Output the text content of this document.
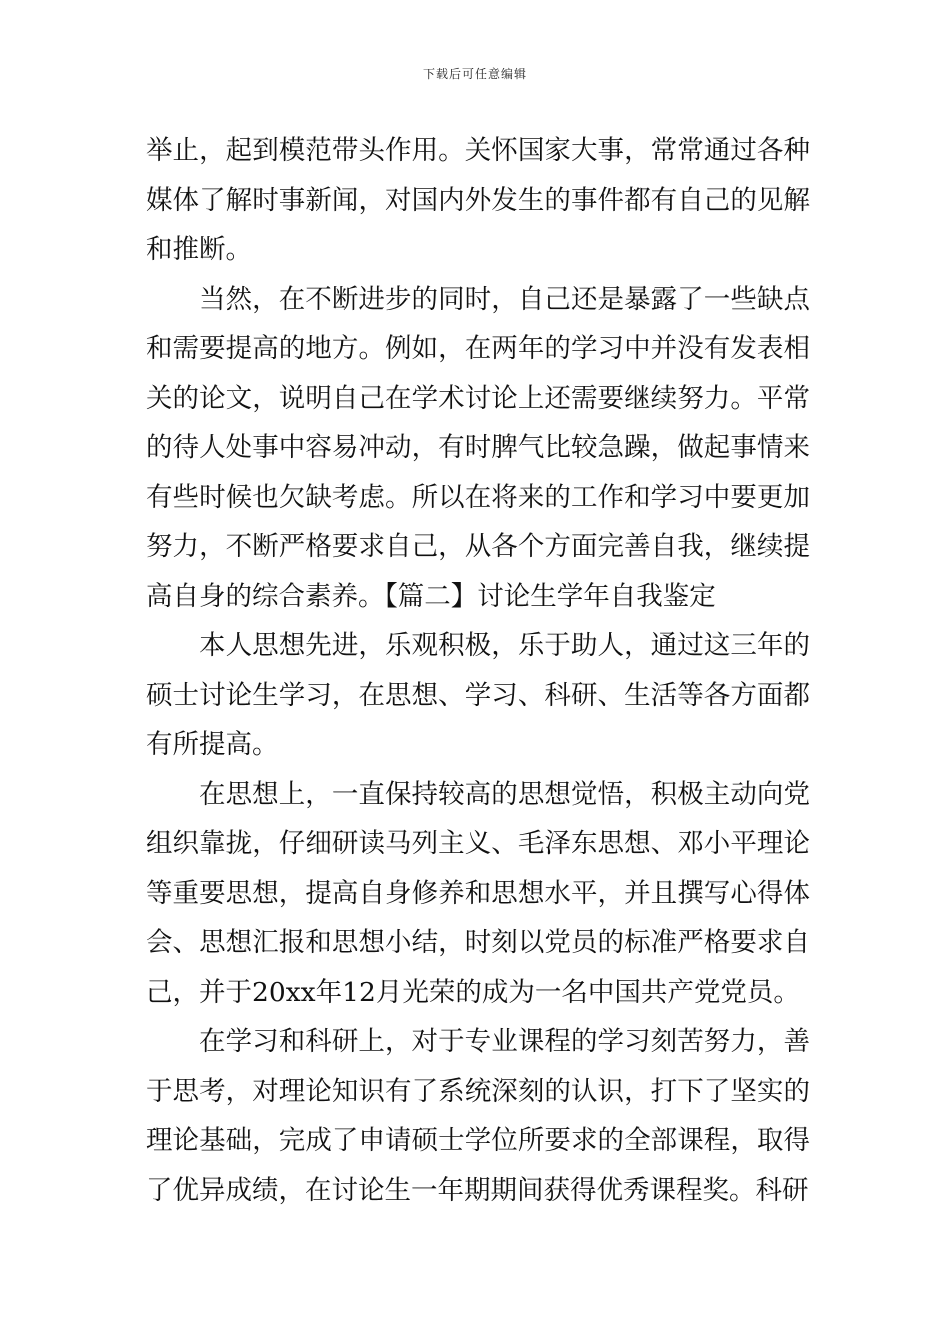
下载后可任意编辑

举止，起到模范带头作用。关怀国家大事，常常通过各种媒体了解时事新闻，对国内外发生的事件都有自己的见解和推断。

当然，在不断进步的同时，自己还是暴露了一些缺点和需要提高的地方。例如，在两年的学习中并没有发表相关的论文，说明自己在学术讨论上还需要继续努力。平常的待人处事中容易冲动，有时脾气比较急躁，做起事情来有些时候也欠缺考虑。所以在将来的工作和学习中要更加努力，不断严格要求自己，从各个方面完善自我，继续提高自身的综合素养。【篇二】讨论生学年自我鉴定

本人思想先进，乐观积极，乐于助人，通过这三年的硕士讨论生学习，在思想、学习、科研、生活等各方面都有所提高。

在思想上，一直保持较高的思想觉悟，积极主动向党组织靠拢，仔细研读马列主义、毛泽东思想、邓小平理论等重要思想，提高自身修养和思想水平，并且撰写心得体会、思想汇报和思想小结，时刻以党员的标准严格要求自己，并于20xx年12月光荣的成为一名中国共产党党员。

在学习和科研上，对于专业课程的学习刻苦努力，善于思考，对理论知识有了系统深刻的认识，打下了坚实的理论基础，完成了申请硕士学位所要求的全部课程，取得了优异成绩，在讨论生一年期期间获得优秀课程奖。科研
